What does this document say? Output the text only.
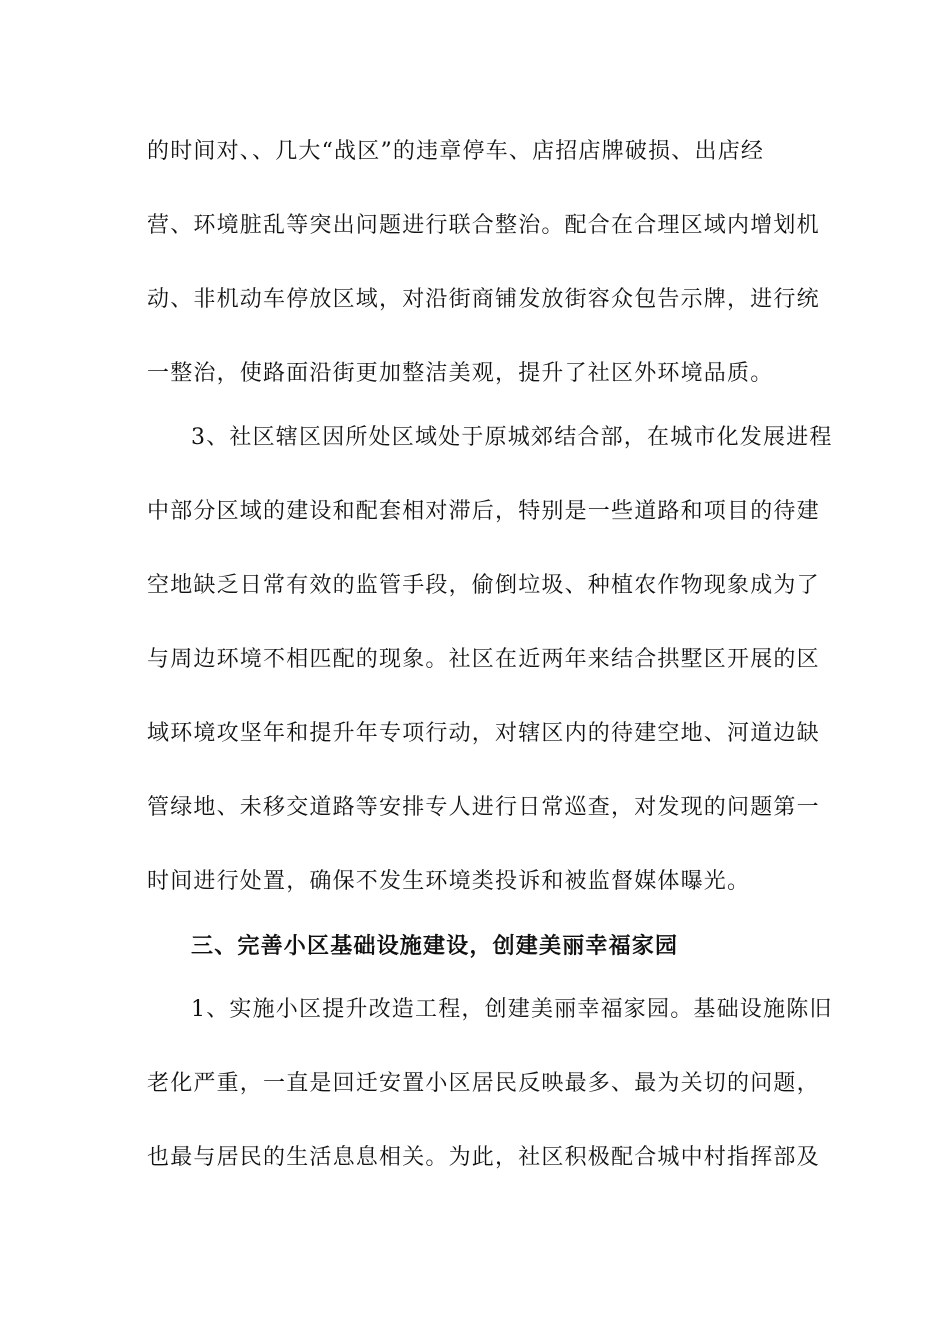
的时间对、、几大“战区”的违章停车、店招店牌破损、出店经
营、环境脏乱等突出问题进行联合整治。配合在合理区域内增划机
动、非机动车停放区域，对沿街商铺发放街容众包告示牌，进行统
一整治，使路面沿街更加整洁美观，提升了社区外环境品质。
3、社区辖区因所处区域处于原城郊结合部，在城市化发展进程
中部分区域的建设和配套相对滞后，特别是一些道路和项目的待建
空地缺乏日常有效的监管手段，偷倒垃圾、种植农作物现象成为了
与周边环境不相匹配的现象。社区在近两年来结合拱墅区开展的区
域环境攻坚年和提升年专项行动，对辖区内的待建空地、河道边缺
管绿地、未移交道路等安排专人进行日常巡查，对发现的问题第一
时间进行处置，确保不发生环境类投诉和被监督媒体曝光。
三、完善小区基础设施建设，创建美丽幸福家园
1、实施小区提升改造工程，创建美丽幸福家园。基础设施陈旧
老化严重，一直是回迁安置小区居民反映最多、最为关切的问题，
也最与居民的生活息息相关。为此，社区积极配合城中村指挥部及
